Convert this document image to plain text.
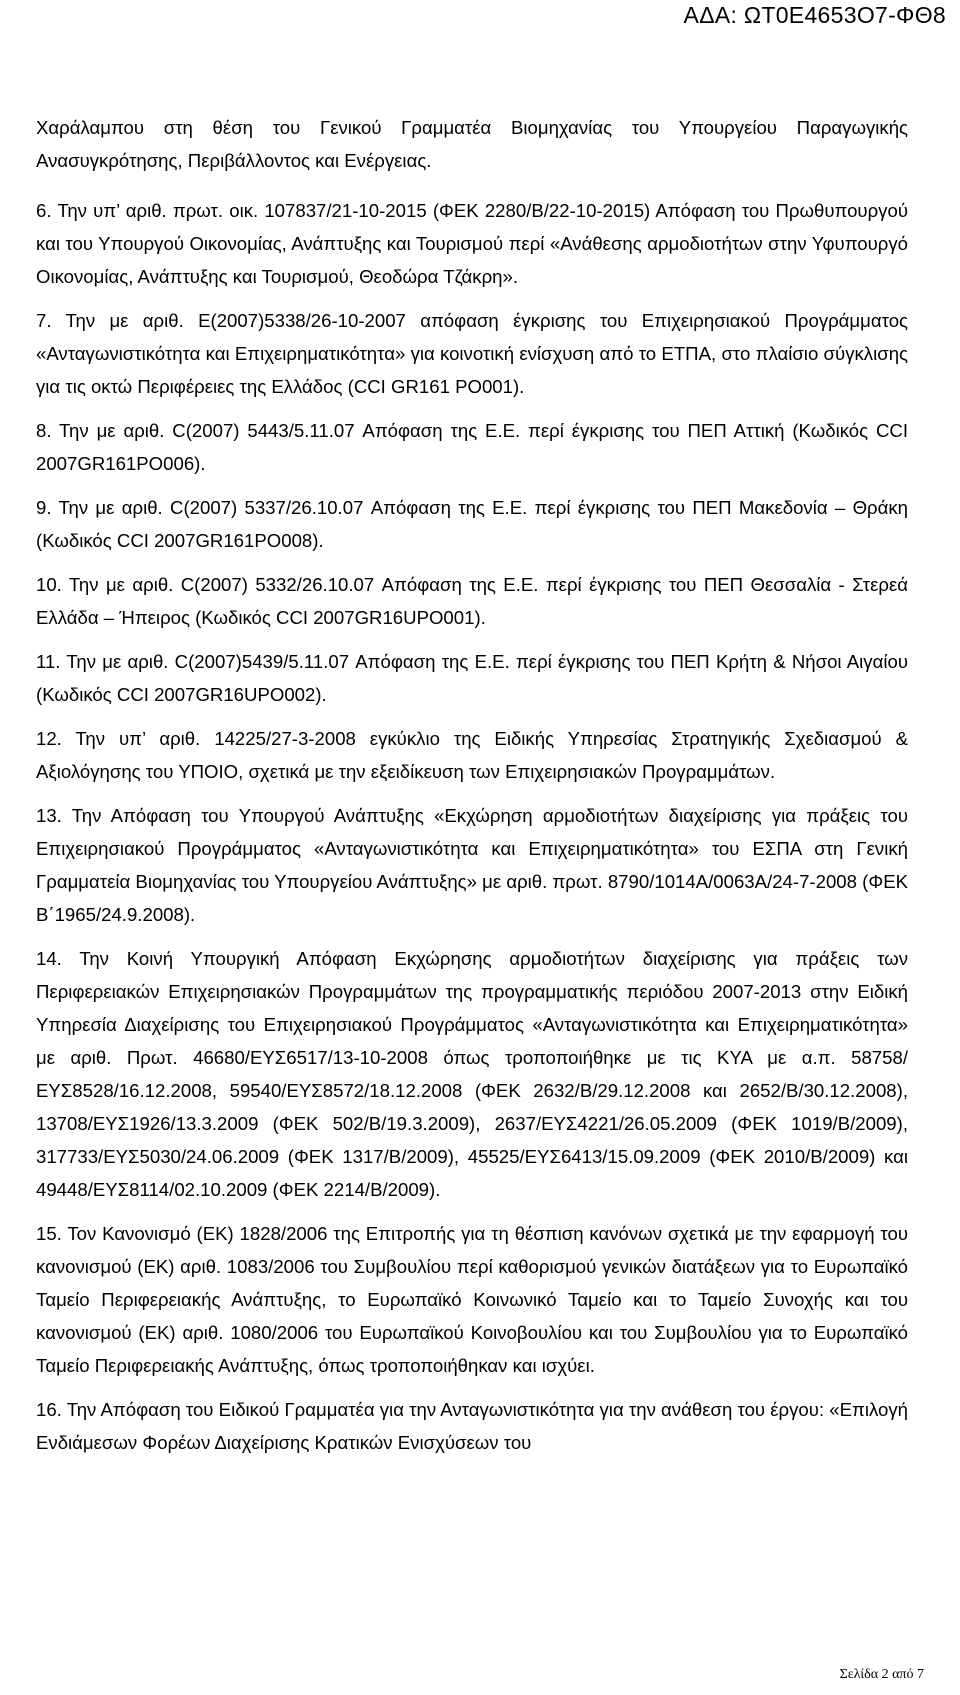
ΑΔΑ: ΩΤ0Ε4653Ο7-ΦΘ8

Χαράλαμπου στη θέση του Γενικού Γραμματέα Βιομηχανίας του Υπουργείου Παραγωγικής Ανασυγκρότησης, Περιβάλλοντος και Ενέργειας.

6. Την υπ’ αριθ. πρωτ. οικ. 107837/21-10-2015 (ΦΕΚ 2280/Β/22-10-2015) Απόφαση του Πρωθυπουργού και του Υπουργού Οικονομίας, Ανάπτυξης και Τουρισμού περί «Ανάθεσης αρμοδιοτήτων στην Υφυπουργό Οικονομίας, Ανάπτυξης και Τουρισμού, Θεοδώρα Τζάκρη».

7. Την με αριθ. Ε(2007)5338/26-10-2007 απόφαση έγκρισης του Επιχειρησιακού Προγράμματος «Ανταγωνιστικότητα και Επιχειρηματικότητα» για κοινοτική ενίσχυση από το ΕΤΠΑ, στο πλαίσιο σύγκλισης για τις οκτώ Περιφέρειες της Ελλάδος (CCI GR161 PO001).

8. Την με αριθ. C(2007) 5443/5.11.07 Απόφαση της Ε.Ε. περί έγκρισης του ΠΕΠ Αττική (Κωδικός CCI 2007GR161PO006).

9. Την με αριθ. C(2007) 5337/26.10.07 Απόφαση της Ε.Ε. περί έγκρισης του ΠΕΠ Μακεδονία – Θράκη (Κωδικός CCI 2007GR161PO008).

10. Την με αριθ. C(2007) 5332/26.10.07 Απόφαση της Ε.Ε. περί έγκρισης του ΠΕΠ Θεσσαλία - Στερεά Ελλάδα – Ήπειρος (Κωδικός CCI 2007GR16UPO001).

11. Την με αριθ. C(2007)5439/5.11.07 Απόφαση της Ε.Ε. περί έγκρισης του ΠΕΠ Κρήτη & Νήσοι Αιγαίου (Κωδικός CCI 2007GR16UPO002).

12. Την υπ’ αριθ. 14225/27-3-2008 εγκύκλιο της Ειδικής Υπηρεσίας Στρατηγικής Σχεδιασμού & Αξιολόγησης του ΥΠΟΙΟ, σχετικά με την εξειδίκευση των Επιχειρησιακών Προγραμμάτων.

13. Την Απόφαση του Υπουργού Ανάπτυξης «Εκχώρηση αρμοδιοτήτων διαχείρισης για πράξεις του Επιχειρησιακού Προγράμματος «Ανταγωνιστικότητα και Επιχειρηματικότητα» του ΕΣΠΑ στη Γενική Γραμματεία Βιομηχανίας του Υπουργείου Ανάπτυξης» με αριθ. πρωτ. 8790/1014Α/0063Α/24-7-2008 (ΦΕΚ Β΄1965/24.9.2008).

14. Την Κοινή Υπουργική Απόφαση Εκχώρησης αρμοδιοτήτων διαχείρισης για πράξεις των Περιφερειακών Επιχειρησιακών Προγραμμάτων της προγραμματικής περιόδου 2007-2013 στην Ειδική Υπηρεσία Διαχείρισης του Επιχειρησιακού Προγράμματος «Ανταγωνιστικότητα και Επιχειρηματικότητα» με αριθ. Πρωτ. 46680/ΕΥΣ6517/13-10-2008 όπως τροποποιήθηκε με τις ΚΥΑ με α.π. 58758/ΕΥΣ8528/16.12.2008, 59540/ΕΥΣ8572/18.12.2008 (ΦΕΚ 2632/Β/29.12.2008 και 2652/Β/30.12.2008), 13708/ΕΥΣ1926/13.3.2009 (ΦΕΚ 502/Β/19.3.2009), 2637/ΕΥΣ4221/26.05.2009 (ΦΕΚ 1019/Β/2009), 317733/ΕΥΣ5030/24.06.2009 (ΦΕΚ 1317/Β/2009), 45525/ΕΥΣ6413/15.09.2009 (ΦΕΚ 2010/Β/2009) και 49448/ΕΥΣ8114/02.10.2009 (ΦΕΚ 2214/Β/2009).

15. Τον Κανονισμό (ΕΚ) 1828/2006 της Επιτροπής για τη θέσπιση κανόνων σχετικά με την εφαρμογή του κανονισμού (ΕΚ) αριθ. 1083/2006 του Συμβουλίου περί καθορισμού γενικών διατάξεων για το Ευρωπαϊκό Ταμείο Περιφερειακής Ανάπτυξης, το Ευρωπαϊκό Κοινωνικό Ταμείο και το Ταμείο Συνοχής και του κανονισμού (ΕΚ) αριθ. 1080/2006 του Ευρωπαϊκού Κοινοβουλίου και του Συμβουλίου για το Ευρωπαϊκό Ταμείο Περιφερειακής Ανάπτυξης, όπως τροποποιήθηκαν και ισχύει.

16. Την Απόφαση του Ειδικού Γραμματέα για την Ανταγωνιστικότητα για την ανάθεση του έργου: «Επιλογή Ενδιάμεσων Φορέων Διαχείρισης Κρατικών Ενισχύσεων του

Σελίδα 2 από 7
